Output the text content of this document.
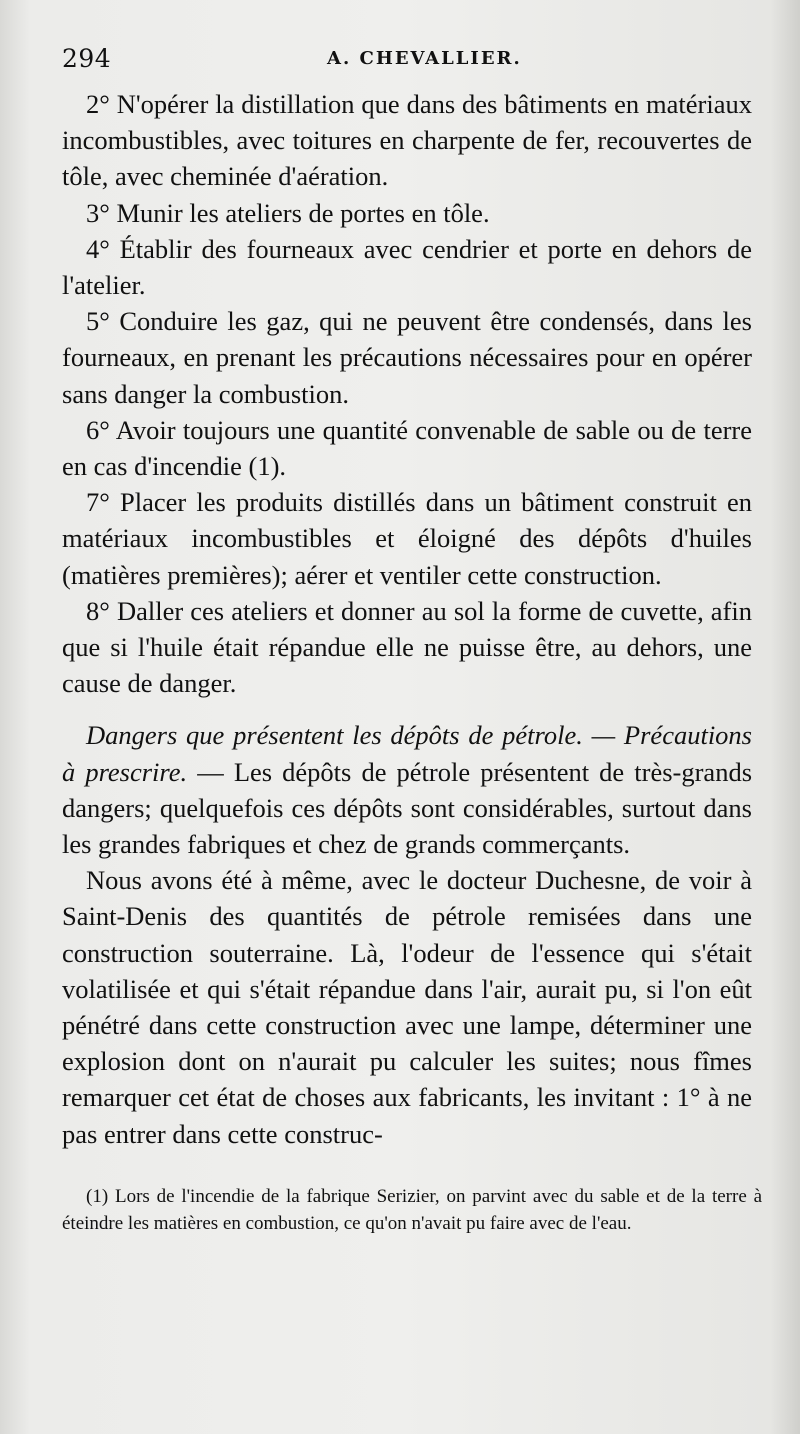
294	A. CHEVALLIER.

2° N'opérer la distillation que dans des bâtiments en matériaux incombustibles, avec toitures en charpente de fer, recouvertes de tôle, avec cheminée d'aération.

3° Munir les ateliers de portes en tôle.

4° Établir des fourneaux avec cendrier et porte en dehors de l'atelier.

5° Conduire les gaz, qui ne peuvent être condensés, dans les fourneaux, en prenant les précautions nécessaires pour en opérer sans danger la combustion.

6° Avoir toujours une quantité convenable de sable ou de terre en cas d'incendie (1).

7° Placer les produits distillés dans un bâtiment construit en matériaux incombustibles et éloigné des dépôts d'huiles (matières premières); aérer et ventiler cette construction.

8° Daller ces ateliers et donner au sol la forme de cuvette, afin que si l'huile était répandue elle ne puisse être, au dehors, une cause de danger.

Dangers que présentent les dépôts de pétrole. — Précautions à prescrire. — Les dépôts de pétrole présentent de très-grands dangers; quelquefois ces dépôts sont considérables, surtout dans les grandes fabriques et chez de grands commerçants.

Nous avons été à même, avec le docteur Duchesne, de voir à Saint-Denis des quantités de pétrole remisées dans une construction souterraine. Là, l'odeur de l'essence qui s'était volatilisée et qui s'était répandue dans l'air, aurait pu, si l'on eût pénétré dans cette construction avec une lampe, déterminer une explosion dont on n'aurait pu calculer les suites; nous fîmes remarquer cet état de choses aux fabricants, les invitant : 1° à ne pas entrer dans cette construc-

(1) Lors de l'incendie de la fabrique Serizier, on parvint avec du sable et de la terre à éteindre les matières en combustion, ce qu'on n'avait pu faire avec de l'eau.
